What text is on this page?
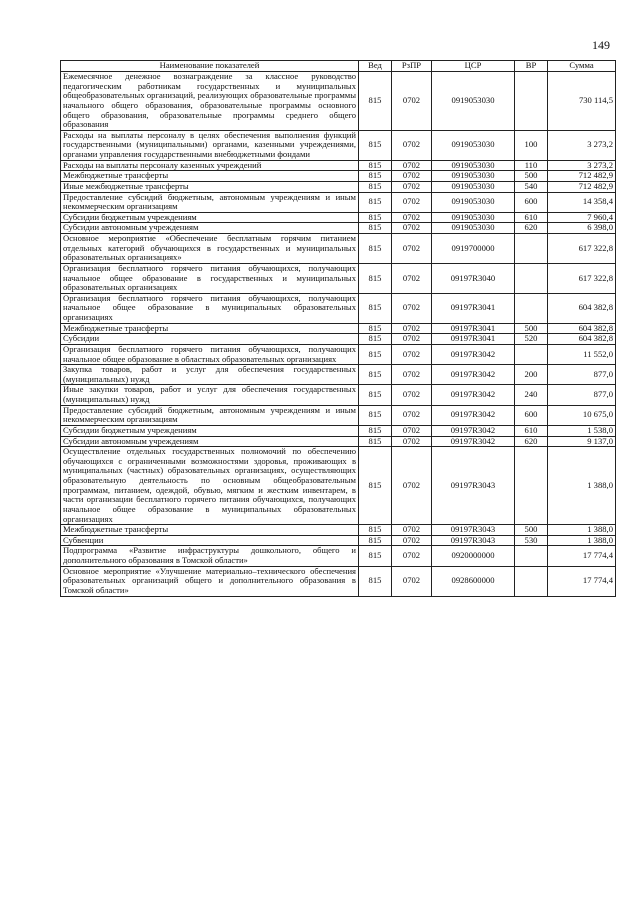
149
Наименование показателей	Вед	РзПР	ЦСР	ВР	Сумма
Ежемесячное денежное вознаграждение за классное руководство педагогическим работникам государственных и муниципальных общеобразовательных организаций, реализующих образовательные программы начального общего образования, образовательные программы основного общего образования, образовательные программы среднего общего образования	815	0702	0919053030		730 114,5
Расходы на выплаты персоналу в целях обеспечения выполнения функций государственными (муниципальными) органами, казенными учреждениями, органами управления государственными внебюджетными фондами	815	0702	0919053030	100	3 273,2
Расходы на выплаты персоналу казенных учреждений	815	0702	0919053030	110	3 273,2
Межбюджетные трансферты	815	0702	0919053030	500	712 482,9
Иные межбюджетные трансферты	815	0702	0919053030	540	712 482,9
Предоставление субсидий бюджетным, автономным учреждениям и иным некоммерческим организациям	815	0702	0919053030	600	14 358,4
Субсидии бюджетным учреждениям	815	0702	0919053030	610	7 960,4
Субсидии автономным учреждениям	815	0702	0919053030	620	6 398,0
Основное мероприятие «Обеспечение бесплатным горячим питанием отдельных категорий обучающихся в государственных и муниципальных образовательных организациях»	815	0702	0919700000		617 322,8
Организация бесплатного горячего питания обучающихся, получающих начальное общее образование в государственных и муниципальных образовательных организациях	815	0702	09197R3040		617 322,8
Организация бесплатного горячего питания обучающихся, получающих начальное общее образование в муниципальных образовательных организациях	815	0702	09197R3041		604 382,8
Межбюджетные трансферты	815	0702	09197R3041	500	604 382,8
Субсидии	815	0702	09197R3041	520	604 382,8
Организация бесплатного горячего питания обучающихся, получающих начальное общее образование в областных образовательных организациях	815	0702	09197R3042		11 552,0
Закупка товаров, работ и услуг для обеспечения государственных (муниципальных) нужд	815	0702	09197R3042	200	877,0
Иные закупки товаров, работ и услуг для обеспечения государственных (муниципальных) нужд	815	0702	09197R3042	240	877,0
Предоставление субсидий бюджетным, автономным учреждениям и иным некоммерческим организациям	815	0702	09197R3042	600	10 675,0
Субсидии бюджетным учреждениям	815	0702	09197R3042	610	1 538,0
Субсидии автономным учреждениям	815	0702	09197R3042	620	9 137,0
Осуществление отдельных государственных полномочий по обеспечению обучающихся с ограниченными возможностями здоровья, проживающих в муниципальных (частных) образовательных организациях, осуществляющих образовательную деятельность по основным общеобразовательным программам, питанием, одеждой, обувью, мягким и жестким инвентарем, в части организации бесплатного горячего питания обучающихся, получающих начальное общее образование в муниципальных образовательных организациях	815	0702	09197R3043		1 388,0
Межбюджетные трансферты	815	0702	09197R3043	500	1 388,0
Субвенции	815	0702	09197R3043	530	1 388,0
Подпрограмма «Развитие инфраструктуры дошкольного, общего и дополнительного образования в Томской области»	815	0702	0920000000		17 774,4
Основное мероприятие «Улучшение материально–технического обеспечения образовательных организаций общего и дополнительного образования в Томской области»	815	0702	0928600000		17 774,4
